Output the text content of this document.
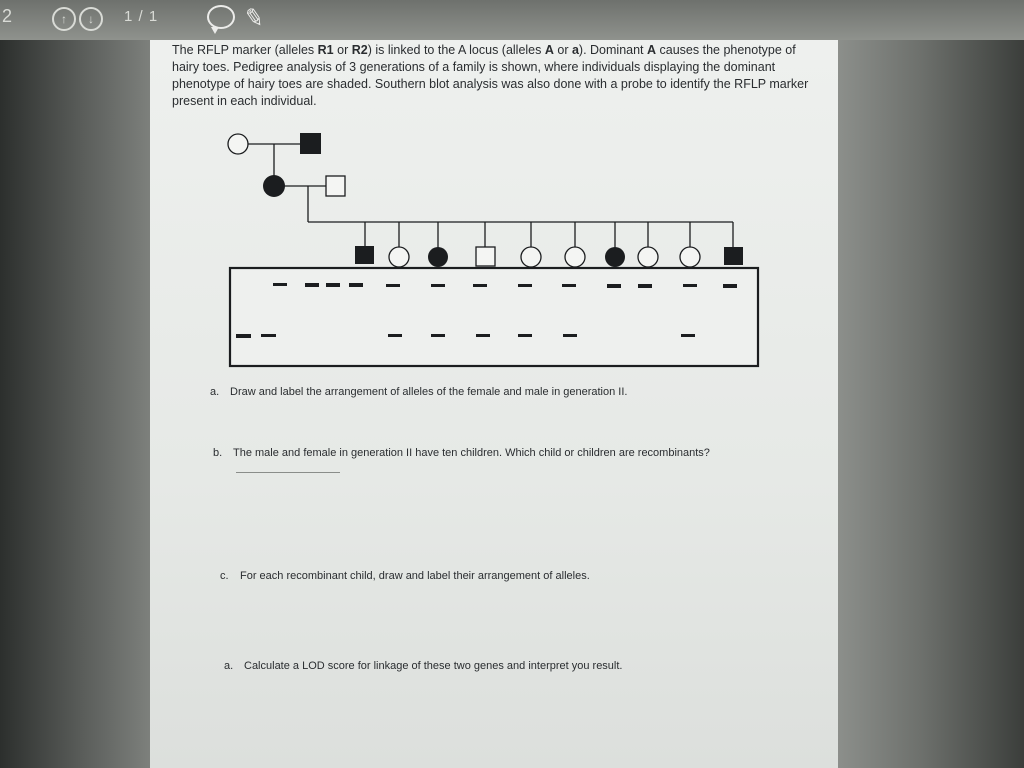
2	↑	↓	1 / 1	✎
The RFLP marker (alleles R1 or R2) is linked to the A locus (alleles A or a). Dominant A causes the phenotype of hairy toes. Pedigree analysis of 3 generations of a family is shown, where individuals displaying the dominant phenotype of hairy toes are shaded. Southern blot analysis was also done with a probe to identify the RFLP marker present in each individual.
a. Draw and label the arrangement of alleles of the female and male in generation II.
b. The male and female in generation II have ten children. Which child or children are recombinants?
c. For each recombinant child, draw and label their arrangement of alleles.
a. Calculate a LOD score for linkage of these two genes and interpret you result.
